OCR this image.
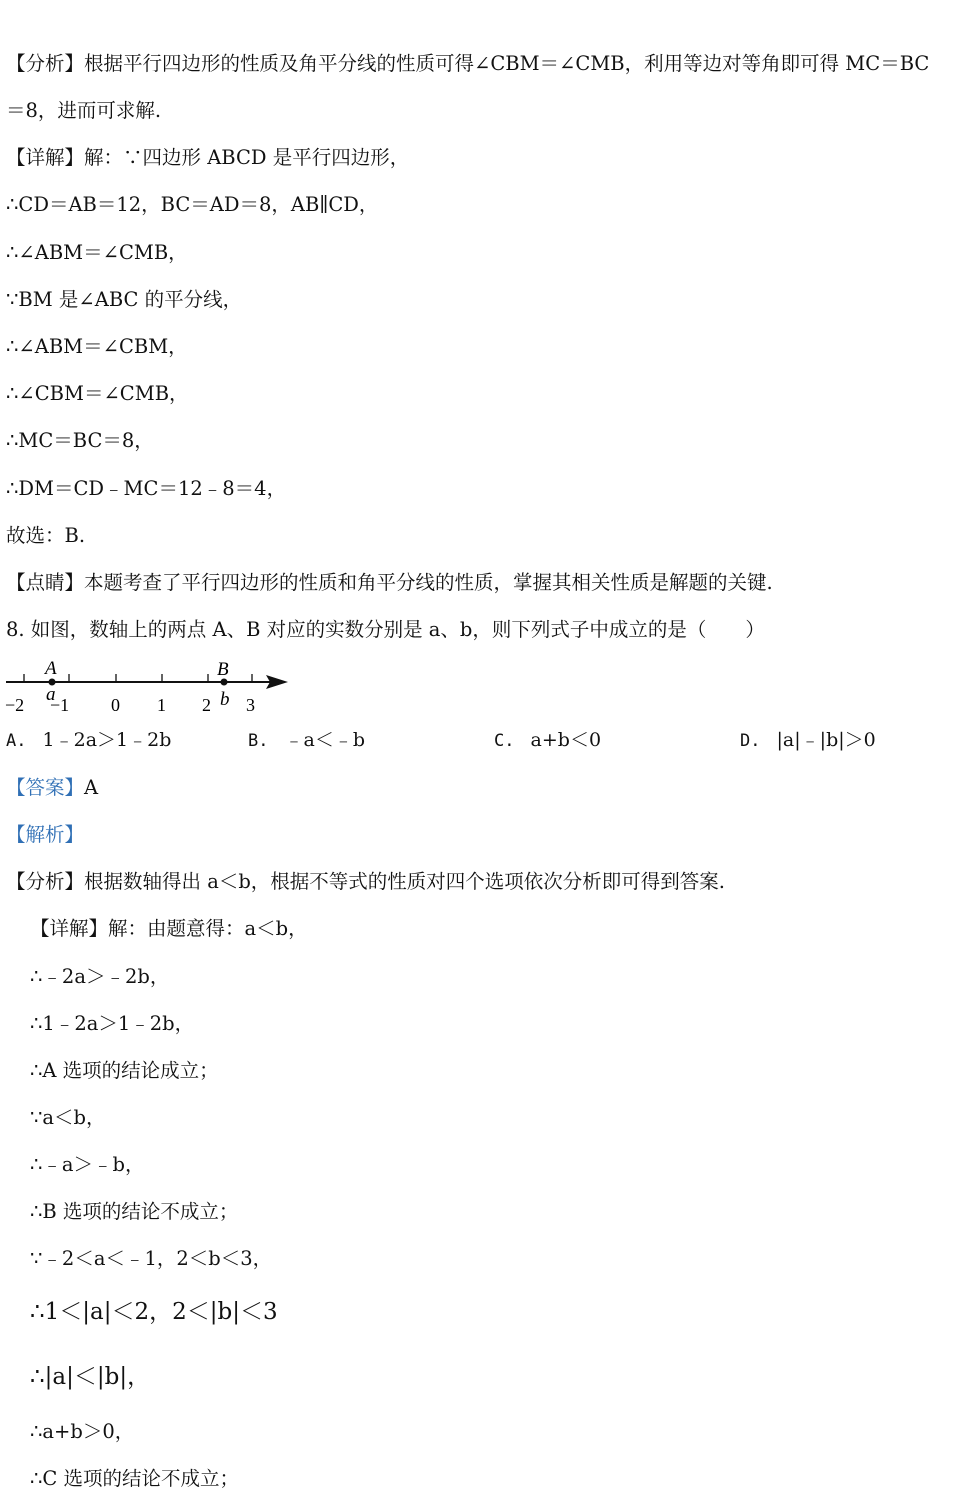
【分析】根据平行四边形的性质及角平分线的性质可得∠CBM＝∠CMB，利用等边对等角即可得 MC＝BC
＝8，进而可求解.
【详解】解：∵四边形 ABCD 是平行四边形，
∴CD＝AB＝12，BC＝AD＝8，AB∥CD，
∴∠ABM＝∠CMB，
∵BM 是∠ABC 的平分线，
∴∠ABM＝∠CBM，
∴∠CBM＝∠CMB，
∴MC＝BC＝8，
∴DM＝CD﹣MC＝12﹣8＝4，
故选：B.
【点睛】本题考查了平行四边形的性质和角平分线的性质，掌握其相关性质是解题的关键.
8. 如图，数轴上的两点 A、B 对应的实数分别是 a、b，则下列式子中成立的是（　　）
A
a
B
b
−2 −1 0 1 2 3
A. 1﹣2a＞1﹣2b	B. ﹣a＜﹣b	C. a+b＜0	D. |a|﹣|b|＞0
【答案】A
【解析】
【分析】根据数轴得出 a＜b，根据不等式的性质对四个选项依次分析即可得到答案.
【详解】解：由题意得：a＜b，
∴﹣2a＞﹣2b，
∴1﹣2a＞1﹣2b，
∴A 选项的结论成立；
∵a＜b，
∴﹣a＞﹣b，
∴B 选项的结论不成立；
∵﹣2＜a＜﹣1，2＜b＜3，
∴1＜|a|＜2，2＜|b|＜3
∴|a|＜|b|，
∴a+b＞0，
∴C 选项的结论不成立；
